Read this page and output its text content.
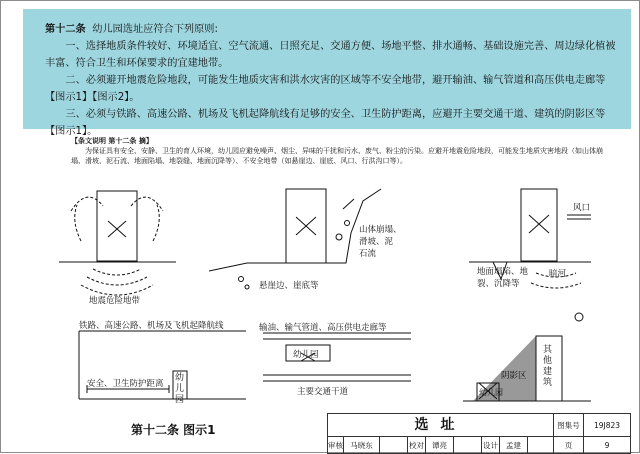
第十二条 幼儿园选址应符合下列原则:

一、选择地质条件较好、环境适宜、空气流通、日照充足、交通方便、场地平整、排水通畅、基础设施完善、周边绿化植被丰富、符合卫生和环保要求的宜建地带。

二、必须避开地震危险地段，可能发生地质灾害和洪水灾害的区域等不安全地带，避开输油、输气管道和高压供电走廊等【图示1】【图示2】。

三、必须与铁路、高速公路、机场及飞机起降航线有足够的安全、卫生防护距离，应避开主要交通干道、建筑的阴影区等【图示1】。

【条文说明 第十二条 摘】
为保证具有安全、安静、卫生的育人环境，幼儿园应避免噪声、烟尘、异味的干扰和污水、废气、粉尘的污染。应避开地震危险地段，可能发生地质灾害地段（如山体崩塌、滑坡、泥石流、地面陷塌、地裂缝、地面沉降等）、不安全地带（如悬崖边、崖底、风口、行洪沟口等）。
地震危险地带
山体崩塌、
滑坡、泥
石流
悬崖边、崖底等
风口
地面塌陷、地
裂、沉降等
暗河
铁路、高速公路、机场及飞机起降航线
安全、卫生防护距离
幼儿园
输油、输气管道、高压供电走廊等
幼儿园
主要交通干道
阴影区
其他建筑
幼儿园
第十二条 图示1	选址	图集号	19J823
审核 马晓东	校对	谭亮	设计	孟建	页	9
